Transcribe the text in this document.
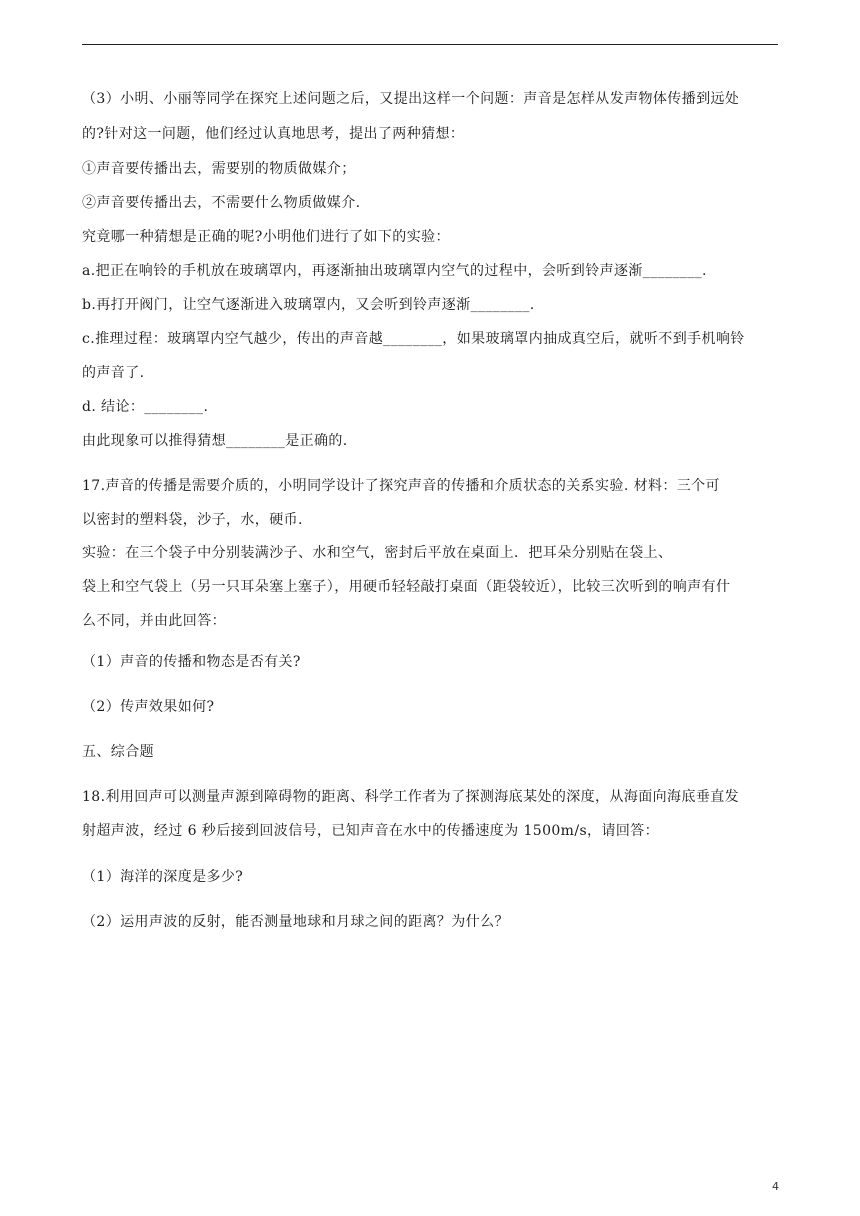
（3）小明、小丽等同学在探究上述问题之后，又提出这样一个问题：声音是怎样从发声物体传播到远处
的?针对这一问题，他们经过认真地思考，提出了两种猜想：
①声音要传播出去，需要别的物质做媒介；
②声音要传播出去，不需要什么物质做媒介.
究竟哪一种猜想是正确的呢?小明他们进行了如下的实验：
a.把正在响铃的手机放在玻璃罩内，再逐渐抽出玻璃罩内空气的过程中，会听到铃声逐渐________.
b.再打开阀门，让空气逐渐进入玻璃罩内，又会听到铃声逐渐________.
c.推理过程：玻璃罩内空气越少，传出的声音越________，如果玻璃罩内抽成真空后，就听不到手机响铃
的声音了.
d. 结论：________.
由此现象可以推得猜想________是正确的.
17.声音的传播是需要介质的，小明同学设计了探究声音的传播和介质状态的关系实验. 材料：三个可
以密封的塑料袋，沙子，水，硬币.
实验：在三个袋子中分别装满沙子、水和空气，密封后平放在桌面上．把耳朵分别贴在袋上、
袋上和空气袋上（另一只耳朵塞上塞子），用硬币轻轻敲打桌面（距袋较近），比较三次听到的响声有什
么不同，并由此回答：
（1）声音的传播和物态是否有关?
（2）传声效果如何?
五、综合题
18.利用回声可以测量声源到障碍物的距离、科学工作者为了探测海底某处的深度，从海面向海底垂直发
射超声波，经过 6 秒后接到回波信号，已知声音在水中的传播速度为 1500m/s，请回答：
（1）海洋的深度是多少?
（2）运用声波的反射，能否测量地球和月球之间的距离？为什么？
4
